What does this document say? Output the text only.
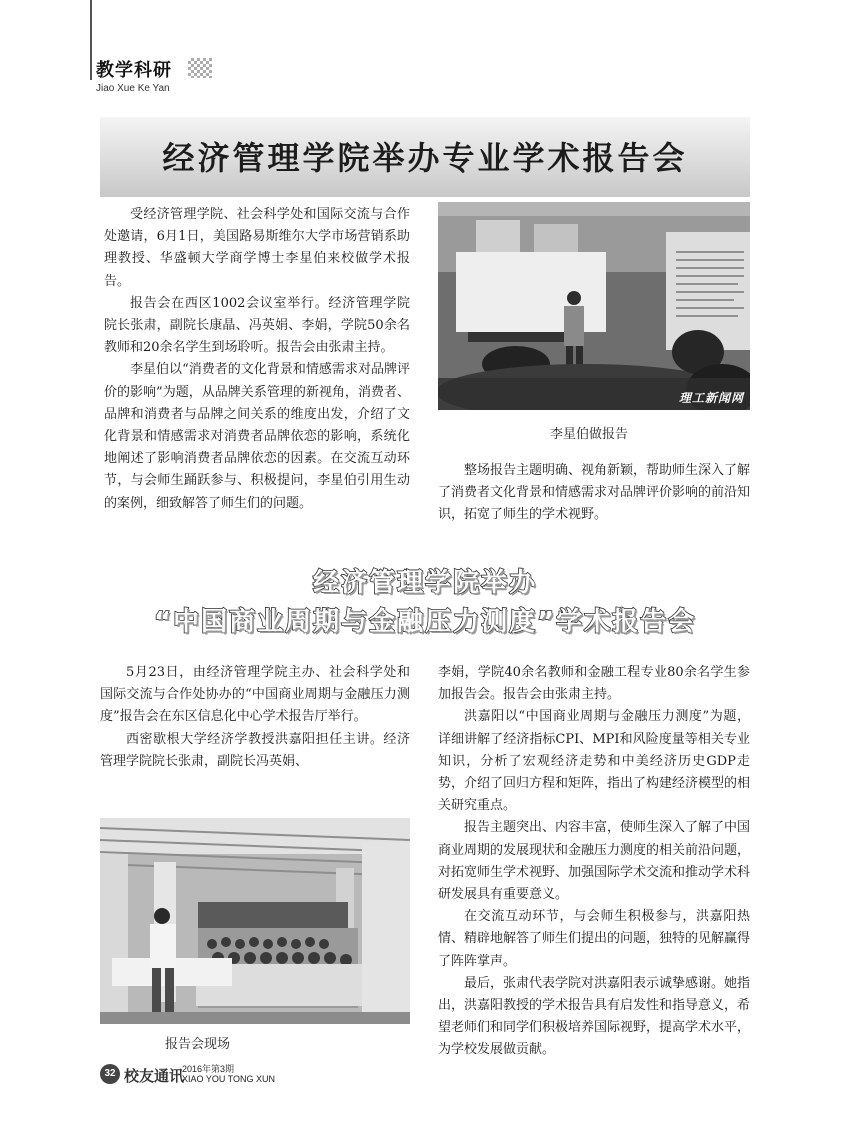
教学科研
Jiao Xue Ke Yan
经济管理学院举办专业学术报告会

受经济管理学院、社会科学处和国际交流与合作处邀请，6月1日，美国路易斯维尔大学市场营销系助理教授、华盛顿大学商学博士李星伯来校做学术报告。

报告会在西区1002会议室举行。经济管理学院院长张肃，副院长康晶、冯英娟、李娟，学院50余名教师和20余名学生到场聆听。报告会由张肃主持。

李星伯以“消费者的文化背景和情感需求对品牌评价的影响”为题，从品牌关系管理的新视角，消费者、品牌和消费者与品牌之间关系的维度出发，介绍了文化背景和情感需求对消费者品牌依恋的影响，系统化地阐述了影响消费者品牌依恋的因素。在交流互动环节，与会师生踊跃参与、积极提问，李星伯引用生动的案例，细致解答了师生们的问题。

理工新闻网
李星伯做报告

整场报告主题明确、视角新颖，帮助师生深入了解了消费者文化背景和情感需求对品牌评价影响的前沿知识，拓宽了师生的学术视野。

经济管理学院举办
“中国商业周期与金融压力测度”学术报告会

5月23日，由经济管理学院主办、社会科学处和国际交流与合作处协办的“中国商业周期与金融压力测度”报告会在东区信息化中心学术报告厅举行。

西密歇根大学经济学教授洪嘉阳担任主讲。经济管理学院院长张肃，副院长冯英娟、

报告会现场

李娟，学院40余名教师和金融工程专业80余名学生参加报告会。报告会由张肃主持。

洪嘉阳以“中国商业周期与金融压力测度”为题，详细讲解了经济指标CPI、MPI和风险度量等相关专业知识，分析了宏观经济走势和中美经济历史GDP走势，介绍了回归方程和矩阵，指出了构建经济模型的相关研究重点。

报告主题突出、内容丰富，使师生深入了解了中国商业周期的发展现状和金融压力测度的相关前沿问题，对拓宽师生学术视野、加强国际学术交流和推动学术科研发展具有重要意义。

在交流互动环节，与会师生积极参与，洪嘉阳热情、精辟地解答了师生们提出的问题，独特的见解赢得了阵阵掌声。

最后，张肃代表学院对洪嘉阳表示诚挚感谢。她指出，洪嘉阳教授的学术报告具有启发性和指导意义，希望老师们和同学们积极培养国际视野，提高学术水平，为学校发展做贡献。

32 校友通讯
2016年第3期
XIAO YOU TONG XUN
